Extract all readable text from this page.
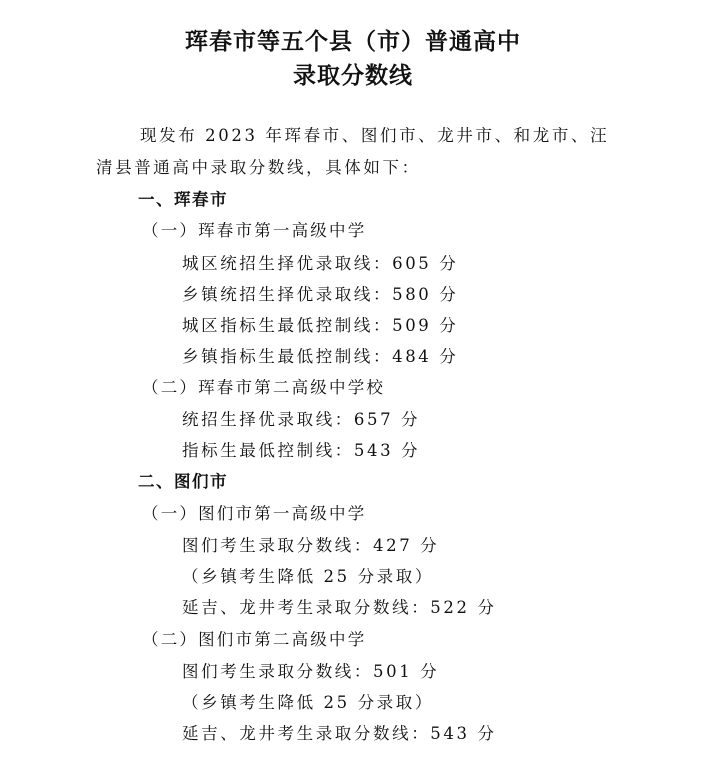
珲春市等五个县（市）普通高中
录取分数线
现发布 2023 年珲春市、图们市、龙井市、和龙市、汪
清县普通高中录取分数线，具体如下：
一、珲春市
（一）珲春市第一高级中学
城区统招生择优录取线：605 分
乡镇统招生择优录取线：580 分
城区指标生最低控制线：509 分
乡镇指标生最低控制线：484 分
（二）珲春市第二高级中学校
统招生择优录取线：657 分
指标生最低控制线：543 分
二、图们市
（一）图们市第一高级中学
图们考生录取分数线：427 分
（乡镇考生降低 25 分录取）
延吉、龙井考生录取分数线：522 分
（二）图们市第二高级中学
图们考生录取分数线：501 分
（乡镇考生降低 25 分录取）
延吉、龙井考生录取分数线：543 分
